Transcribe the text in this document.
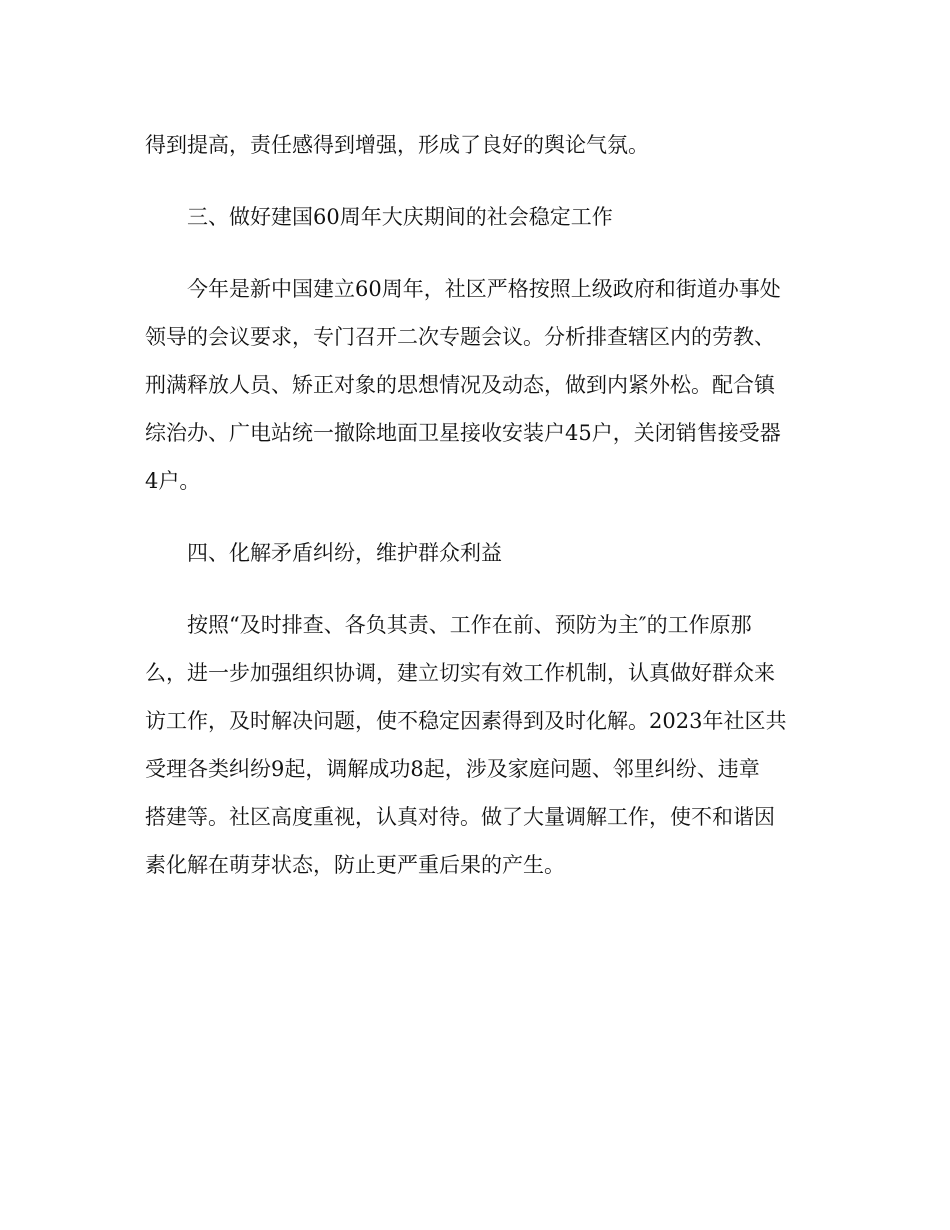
得到提高，责任感得到增强，形成了良好的舆论气氛。
三、做好建国60周年大庆期间的社会稳定工作
今年是新中国建立60周年，社区严格按照上级政府和街道办事处
领导的会议要求，专门召开二次专题会议。分析排查辖区内的劳教、
刑满释放人员、矫正对象的思想情况及动态，做到内紧外松。配合镇
综治办、广电站统一撤除地面卫星接收安装户45户，关闭销售接受器
4户。
四、化解矛盾纠纷，维护群众利益
按照“及时排查、各负其责、工作在前、预防为主″的工作原那
么，进一步加强组织协调，建立切实有效工作机制，认真做好群众来
访工作，及时解决问题，使不稳定因素得到及时化解。2023年社区共
受理各类纠纷9起，调解成功8起，涉及家庭问题、邻里纠纷、违章
搭建等。社区高度重视，认真对待。做了大量调解工作，使不和谐因
素化解在萌芽状态，防止更严重后果的产生。
